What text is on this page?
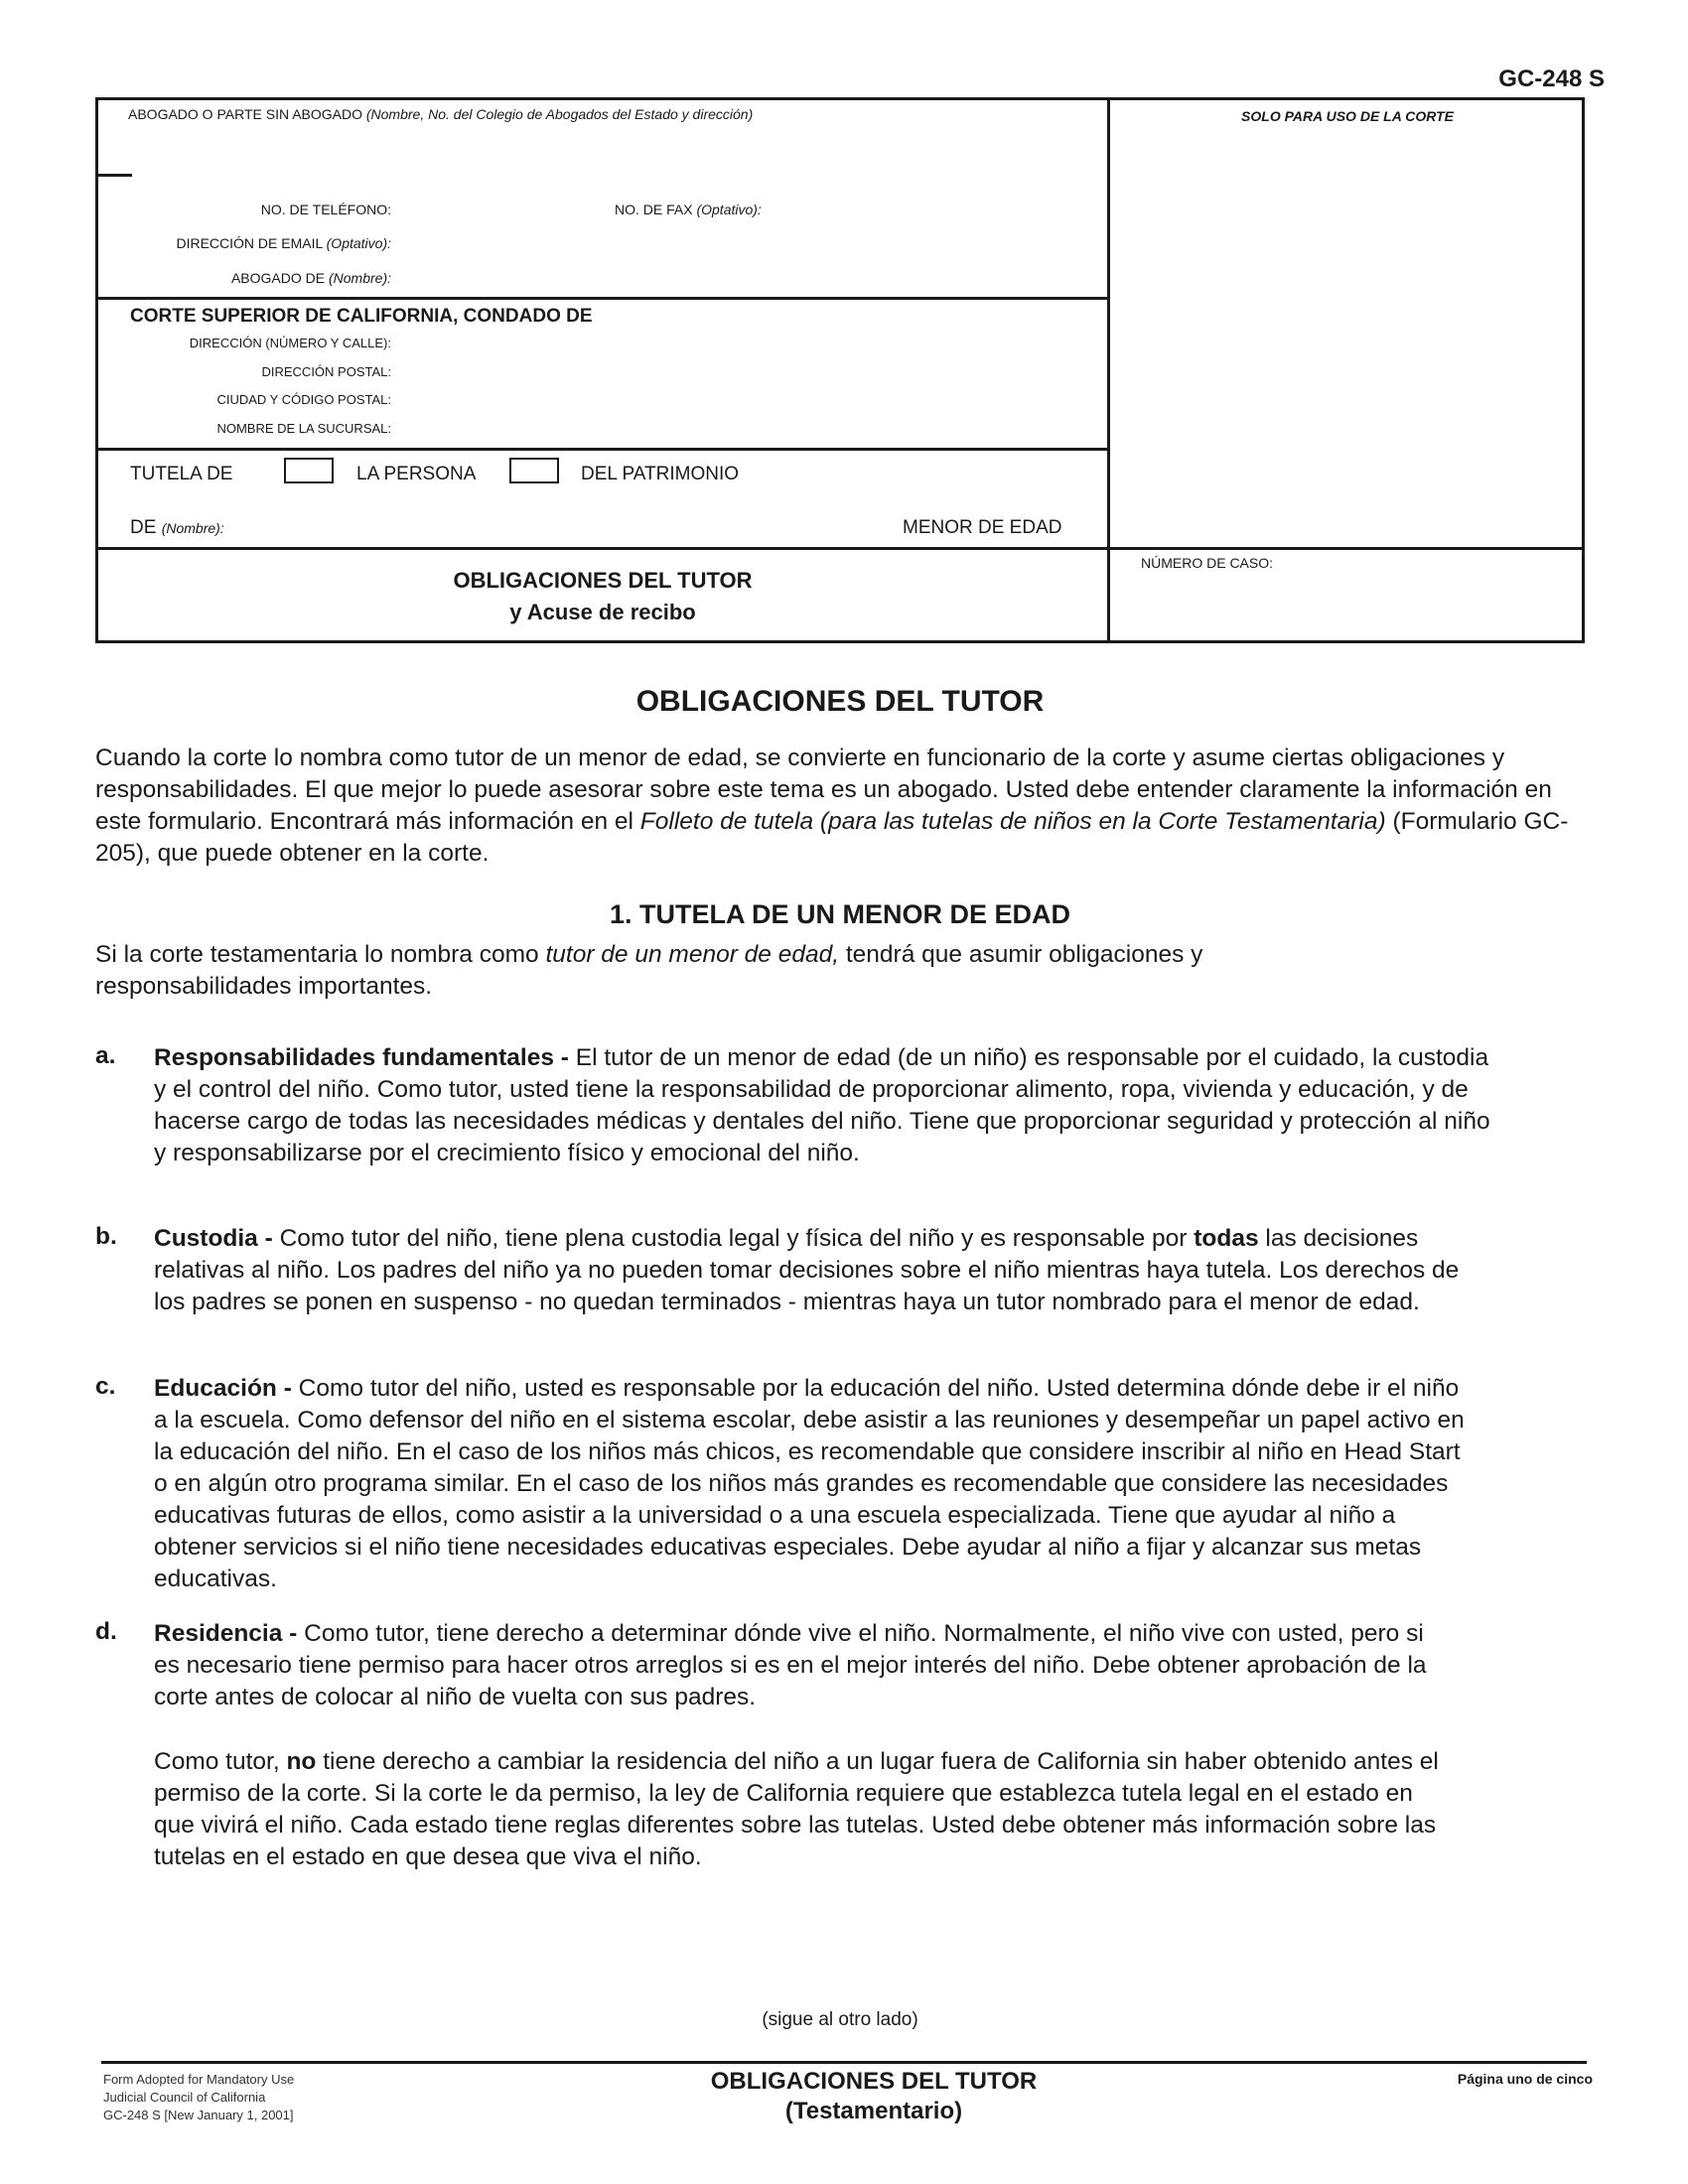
GC-248 S
ABOGADO O PARTE SIN ABOGADO (Nombre, No. del Colegio de Abogados del Estado y dirección)	SOLO PARA USO DE LA CORTE
NO. DE TELÉFONO:	NO. DE FAX (Optativo):
DIRECCIÓN DE EMAIL (Optativo):
ABOGADO DE (Nombre):
CORTE SUPERIOR DE CALIFORNIA, CONDADO DE
DIRECCIÓN (NÚMERO Y CALLE):
DIRECCIÓN POSTAL:
CIUDAD Y CÓDIGO POSTAL:
NOMBRE DE LA SUCURSAL:
TUTELA DE	LA PERSONA	DEL PATRIMONIO
DE (Nombre):	MENOR DE EDAD
OBLIGACIONES DEL TUTOR
y Acuse de recibo
NÚMERO DE CASO:
OBLIGACIONES DEL TUTOR
Cuando la corte lo nombra como tutor de un menor de edad, se convierte en funcionario de la corte y asume ciertas obligaciones y responsabilidades. El que mejor lo puede asesorar sobre este tema es un abogado. Usted debe entender claramente la información en este formulario. Encontrará más información en el Folleto de tutela (para las tutelas de niños en la Corte Testamentaria) (Formulario GC-205), que puede obtener en la corte.
1. TUTELA DE UN MENOR DE EDAD
Si la corte testamentaria lo nombra como tutor de un menor de edad, tendrá que asumir obligaciones y responsabilidades importantes.
a. Responsabilidades fundamentales - El tutor de un menor de edad (de un niño) es responsable por el cuidado, la custodia y el control del niño. Como tutor, usted tiene la responsabilidad de proporcionar alimento, ropa, vivienda y educación, y de hacerse cargo de todas las necesidades médicas y dentales del niño. Tiene que proporcionar seguridad y protección al niño y responsabilizarse por el crecimiento físico y emocional del niño.
b. Custodia - Como tutor del niño, tiene plena custodia legal y física del niño y es responsable por todas las decisiones relativas al niño. Los padres del niño ya no pueden tomar decisiones sobre el niño mientras haya tutela. Los derechos de los padres se ponen en suspenso - no quedan terminados - mientras haya un tutor nombrado para el menor de edad.
c. Educación - Como tutor del niño, usted es responsable por la educación del niño. Usted determina dónde debe ir el niño a la escuela. Como defensor del niño en el sistema escolar, debe asistir a las reuniones y desempeñar un papel activo en la educación del niño. En el caso de los niños más chicos, es recomendable que considere inscribir al niño en Head Start o en algún otro programa similar. En el caso de los niños más grandes es recomendable que considere las necesidades educativas futuras de ellos, como asistir a la universidad o a una escuela especializada. Tiene que ayudar al niño a obtener servicios si el niño tiene necesidades educativas especiales. Debe ayudar al niño a fijar y alcanzar sus metas educativas.
d. Residencia - Como tutor, tiene derecho a determinar dónde vive el niño. Normalmente, el niño vive con usted, pero si es necesario tiene permiso para hacer otros arreglos si es en el mejor interés del niño. Debe obtener aprobación de la corte antes de colocar al niño de vuelta con sus padres.
Como tutor, no tiene derecho a cambiar la residencia del niño a un lugar fuera de California sin haber obtenido antes el permiso de la corte. Si la corte le da permiso, la ley de California requiere que establezca tutela legal en el estado en que vivirá el niño. Cada estado tiene reglas diferentes sobre las tutelas. Usted debe obtener más información sobre las tutelas en el estado en que desea que viva el niño.
(sigue al otro lado)
Form Adopted for Mandatory Use
Judicial Council of California
GC-248 S [New January 1, 2001]
OBLIGACIONES DEL TUTOR
(Testamentario)
Página uno de cinco
